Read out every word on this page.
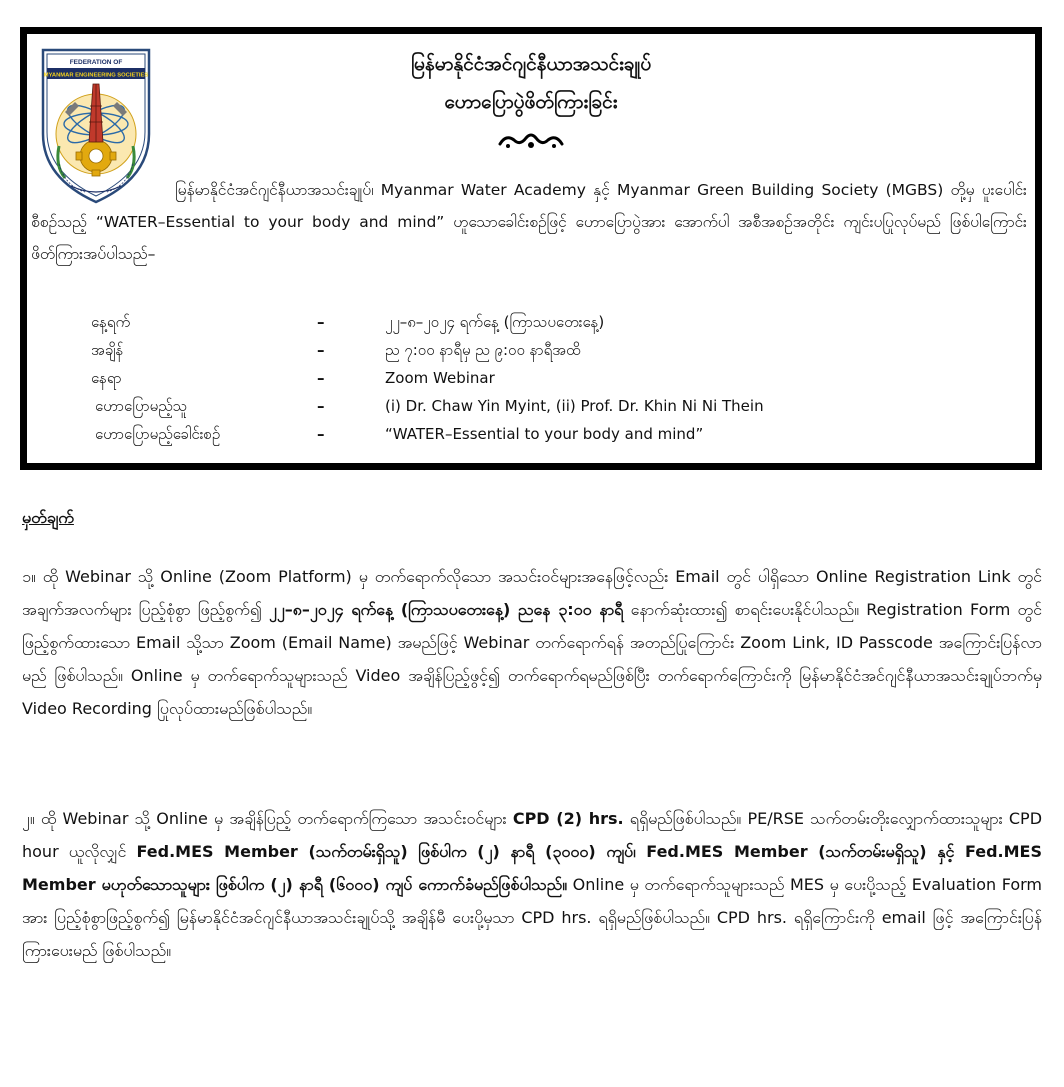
FEDERATION OF
MYANMAR ENGINEERING SOCIETIES
မြန်မာနိုင်ငံအင်ဂျင်နီယာအသင်းချုပ်
ဟောပြောပွဲဖိတ်ကြားခြင်း

မြန်မာနိုင်ငံအင်ဂျင်နီယာအသင်းချုပ်၊ Myanmar Water Academy နှင့် Myanmar Green Building Society (MGBS) တို့မှ ပူးပေါင်းစီစဉ်သည့် “WATER–Essential to your body and mind” ဟူသောခေါင်းစဉ်ဖြင့် ဟောပြောပွဲအား အောက်ပါ အစီအစဉ်အတိုင်း ကျင်းပပြုလုပ်မည် ဖြစ်ပါကြောင်း ဖိတ်ကြားအပ်ပါသည်–

နေ့ရက်	–	၂၂–၈–၂၀၂၄ ရက်နေ့ (ကြာသပတေးနေ့)
အချိန်	–	ည ၇:၀၀ နာရီမှ ည ၉:၀၀ နာရီအထိ
နေရာ	–	Zoom Webinar
ဟောပြောမည့်သူ	–	(i) Dr. Chaw Yin Myint, (ii) Prof. Dr. Khin Ni Ni Thein
ဟောပြောမည့်ခေါင်းစဉ်	–	“WATER–Essential to your body and mind”
မှတ်ချက်

၁။ ထို Webinar သို့ Online (Zoom Platform) မှ တက်ရောက်လိုသော အသင်းဝင်များအနေဖြင့်လည်း Email တွင် ပါရှိသော Online Registration Link တွင် အချက်အလက်များ ပြည့်စုံစွာ ဖြည့်စွက်၍ ၂၂–၈–၂၀၂၄ ရက်နေ့ (ကြာသပတေးနေ့) ညနေ ၃:၀၀ နာရီ နောက်ဆုံးထား၍ စာရင်းပေးနိုင်ပါသည်။ Registration Form တွင် ဖြည့်စွက်ထားသော Email သို့သာ Zoom (Email Name) အမည်ဖြင့် Webinar တက်ရောက်ရန် အတည်ပြုကြောင်း Zoom Link, ID Passcode အကြောင်းပြန်လာမည် ဖြစ်ပါသည်။ Online မှ တက်ရောက်သူများသည် Video အချိန်ပြည့်ဖွင့်၍ တက်ရောက်ရမည်ဖြစ်ပြီး တက်ရောက်ကြောင်းကို မြန်မာနိုင်ငံအင်ဂျင်နီယာအသင်းချုပ်ဘက်မှ Video Recording ပြုလုပ်ထားမည်ဖြစ်ပါသည်။

၂။ ထို Webinar သို့ Online မှ အချိန်ပြည့် တက်ရောက်ကြသော အသင်းဝင်များ CPD (2) hrs. ရရှိမည်ဖြစ်ပါသည်။ PE/RSE သက်တမ်းတိုးလျှောက်ထားသူများ CPD hour ယူလိုလျှင် Fed.MES Member (သက်တမ်းရှိသူ) ဖြစ်ပါက (၂) နာရီ (၃၀၀၀) ကျပ်၊ Fed.MES Member (သက်တမ်းမရှိသူ) နှင့် Fed.MES Member မဟုတ်သောသူများ ဖြစ်ပါက (၂) နာရီ (၆၀၀၀) ကျပ် ကောက်ခံမည်ဖြစ်ပါသည်။ Online မှ တက်ရောက်သူများသည် MES မှ ပေးပို့သည့် Evaluation Form အား ပြည့်စုံစွာဖြည့်စွက်၍ မြန်မာနိုင်ငံအင်ဂျင်နီယာအသင်းချုပ်သို့ အချိန်မီ ပေးပို့မှသာ CPD hrs. ရရှိမည်ဖြစ်ပါသည်။ CPD hrs. ရရှိကြောင်းကို email ဖြင့် အကြောင်းပြန်ကြားပေးမည် ဖြစ်ပါသည်။
